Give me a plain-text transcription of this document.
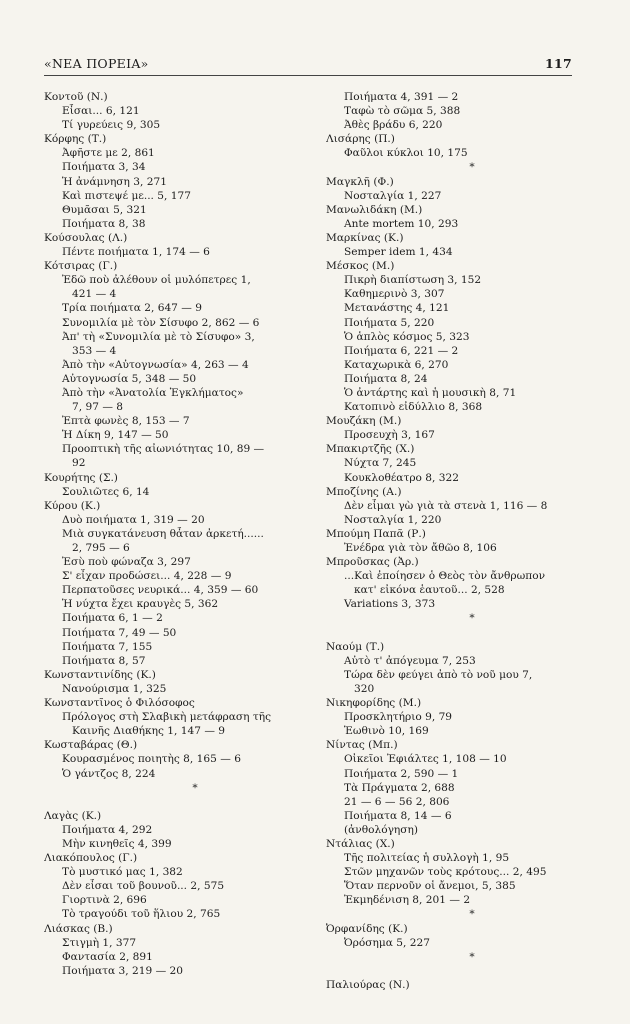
«ΝΕΑ ΠΟΡΕΙΑ»	117
Κοντοῦ (Ν.)
Εἶσαι... 6, 121
Τί γυρεύεις 9, 305
Κόρφης (Τ.)
Ἀφῆστε με 2, 861
Ποιήματα 3, 34
Ἡ ἀνάμνηση 3, 271
Καὶ πιστεψέ με... 5, 177
Θυμᾶσαι 5, 321
Ποιήματα 8, 38
Κούσουλας (Λ.)
Πέντε ποιήματα 1, 174 — 6
Κότσιρας (Γ.)
Ἐδῶ ποὺ ἀλέθουν οἱ μυλόπετρες 1,
421 — 4
Τρία ποιήματα 2, 647 — 9
Συνομιλία μὲ τὸν Σίσυφο 2, 862 — 6
Ἀπ' τὴ «Συνομιλία μὲ τὸ Σίσυφο» 3,
353 — 4
Ἀπὸ τὴν «Αὐτογνωσία» 4, 263 — 4
Αὐτογνωσία 5, 348 — 50
Ἀπὸ τὴν «Ἀνατολία Ἐγκλήματος»
7, 97 — 8
Ἐπτὰ φωνὲς 8, 153 — 7
Ἡ Δίκη 9, 147 — 50
Προοπτικὴ τῆς αἰωνιότητας 10, 89 —
92
Κουρήτης (Σ.)
Σουλιῶτες 6, 14
Κύρου (Κ.)
Δυὸ ποιήματα 1, 319 — 20
Μιὰ συγκατάνευση θἆταν ἀρκετή......
2, 795 — 6
Ἐσὺ ποὺ φώναζα 3, 297
Σ' εἶχαν προδώσει... 4, 228 — 9
Περπατοῦσες νευρικά... 4, 359 — 60
Ἡ νύχτα ἔχει κραυγὲς 5, 362
Ποιήματα 6, 1 — 2
Ποιήματα 7, 49 — 50
Ποιήματα 7, 155
Ποιήματα 8, 57
Κωνσταντινίδης (Κ.)
Νανούρισμα 1, 325
Κωνσταντῖνος ὁ Φιλόσοφος
Πρόλογος στὴ Σλαβικὴ μετάφραση τῆς
Καινῆς Διαθήκης 1, 147 — 9
Κωσταβάρας (Θ.)
Κουρασμένος ποιητὴς 8, 165 — 6
Ὁ γάντζος 8, 224
*
Λαγὰς (Κ.)
Ποιήματα 4, 292
Μὴν κινηθεῖς 4, 399
Λιακόπουλος (Γ.)
Τὸ μυστικό μας 1, 382
Δὲν εἶσαι τοῦ βουνοῦ... 2, 575
Γιορτινὰ 2, 696
Τὸ τραγούδι τοῦ ἥλιου 2, 765
Λιάσκας (Β.)
Στιγμὴ 1, 377
Φαντασία 2, 891
Ποιήματα 3, 219 — 20
Ποιήματα 4, 391 — 2
Ταφὼ τὸ σῶμα 5, 388
Ἀθὲς βράδυ 6, 220
Λισάρης (Π.)
Φαῦλοι κύκλοι 10, 175
*
Μαγκλῆ (Φ.)
Νοσταλγία 1, 227
Μανωλιδάκη (Μ.)
Ante mortem 10, 293
Μαρκίνας (Κ.)
Semper idem 1, 434
Μέσκος (Μ.)
Πικρὴ διαπίστωση 3, 152
Καθημερινὸ 3, 307
Μετανάστης 4, 121
Ποιήματα 5, 220
Ὁ ἁπλὸς κόσμος 5, 323
Ποιήματα 6, 221 — 2
Καταχωρικὰ 6, 270
Ποιήματα 8, 24
Ὁ ἀντάρτης καὶ ἡ μουσικὴ 8, 71
Κατοπινὸ εἰδύλλιο 8, 368
Μουζάκη (Μ.)
Προσευχὴ 3, 167
Μπακιρτζῆς (Χ.)
Νύχτα 7, 245
Κουκλοθέατρο 8, 322
Μποζίνης (Α.)
Δὲν εἶμαι γὼ γιὰ τὰ στενὰ 1, 116 — 8
Νοσταλγία 1, 220
Μπούμη Παπᾶ (Ρ.)
Ἐνέδρα γιὰ τὸν ἄθῶο 8, 106
Μπροῦσκας (Ἀρ.)
...Καὶ ἐποίησεν ὁ Θεὸς τὸν ἄνθρωπον
κατ' εἰκόνα ἑαυτοῦ... 2, 528
Variations 3, 373
*
Ναούμ (Τ.)
Αὐτὸ τ' ἀπόγευμα 7, 253
Τώρα δὲν φεύγει ἀπὸ τὸ νοῦ μου 7,
320
Νικηφορίδης (Μ.)
Προσκλητήριο 9, 79
Ἑωθινὸ 10, 169
Νίντας (Μπ.)
Οἰκεῖοι Ἐφιάλτες 1, 108 — 10
Ποιήματα 2, 590 — 1
Τὰ Πράγματα 2, 688
21 — 6 — 56 2, 806
Ποιήματα 8, 14 — 6
(ἀνθολόγηση)
Ντάλιας (Χ.)
Τῆς πολιτείας ἡ συλλογὴ 1, 95
Στῶν μηχανῶν τοὺς κρότους... 2, 495
Ὅταν περνοῦν οἱ ἄνεμοι, 5, 385
Ἐκμηδένιση 8, 201 — 2
*
Ὀρφανίδης (Κ.)
Ὀρόσημα 5, 227
*
Παλιούρας (Ν.)
